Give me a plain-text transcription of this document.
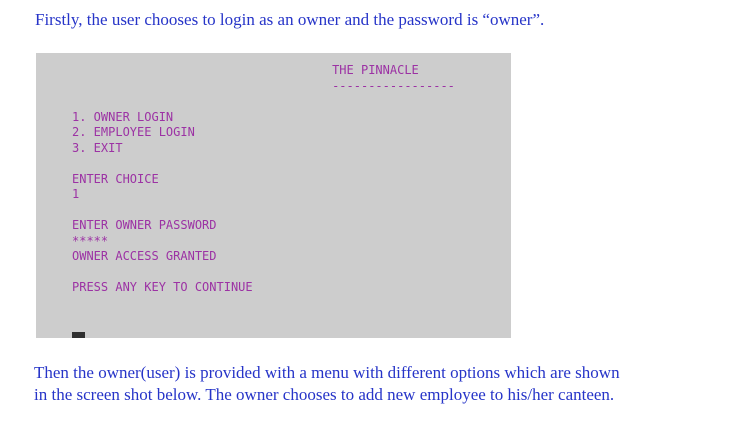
Firstly, the user chooses to login as an owner and the password is “owner”.
THE PINNACLE
-----------------
1. OWNER LOGIN
2. EMPLOYEE LOGIN
3. EXIT
ENTER CHOICE
1
ENTER OWNER PASSWORD
*****
OWNER ACCESS GRANTED
PRESS ANY KEY TO CONTINUE

Then the owner(user) is provided with a menu with different options which are shown
in the screen shot below. The owner chooses to add new employee to his/her canteen.
